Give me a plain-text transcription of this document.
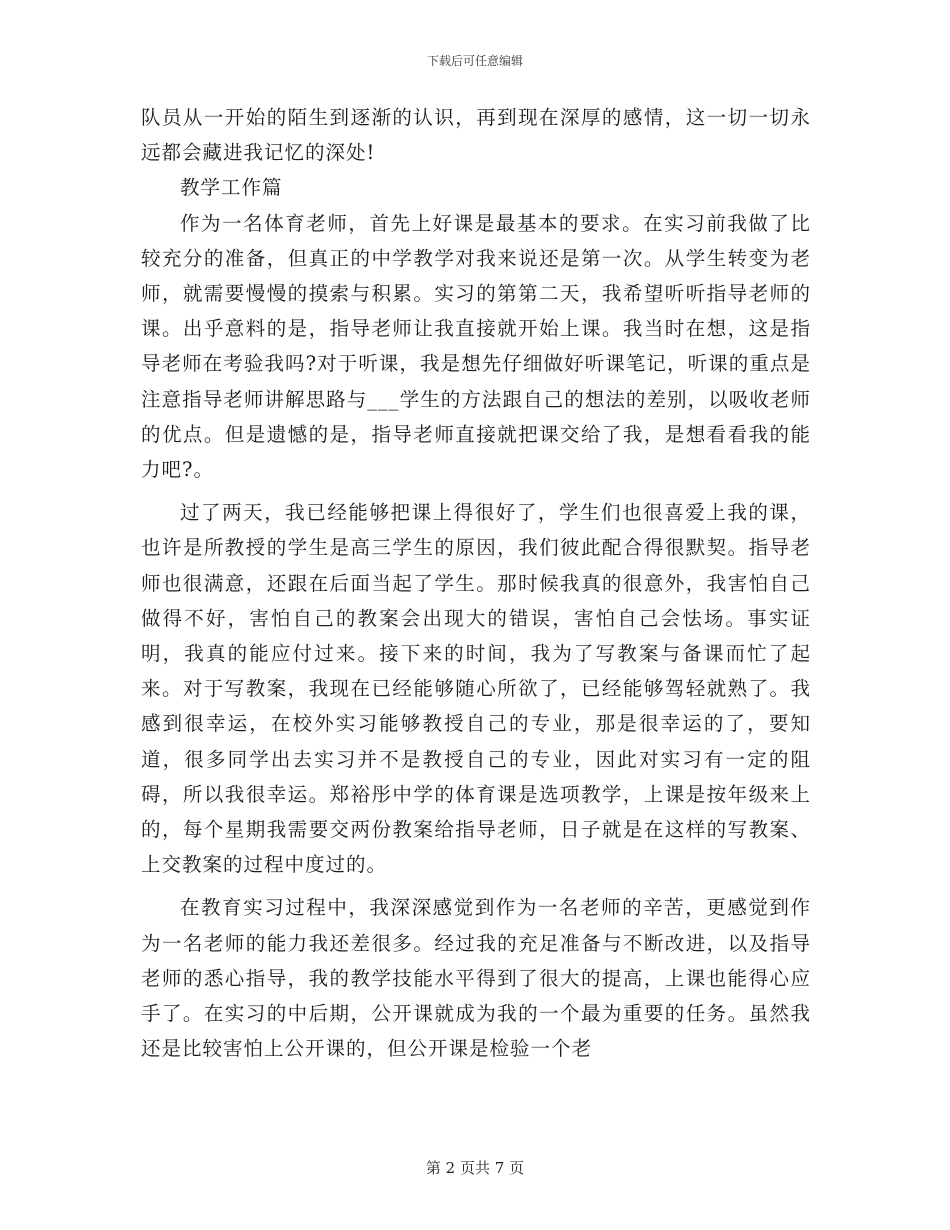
下载后可任意编辑

队员从一开始的陌生到逐渐的认识，再到现在深厚的感情，这一切一切永远都会藏进我记忆的深处!

教学工作篇

作为一名体育老师，首先上好课是最基本的要求。在实习前我做了比较充分的准备，但真正的中学教学对我来说还是第一次。从学生转变为老师，就需要慢慢的摸索与积累。实习的第第二天，我希望听听指导老师的课。出乎意料的是，指导老师让我直接就开始上课。我当时在想，这是指导老师在考验我吗?对于听课，我是想先仔细做好听课笔记，听课的重点是注意指导老师讲解思路与___学生的方法跟自己的想法的差别，以吸收老师的优点。但是遗憾的是，指导老师直接就把课交给了我，是想看看我的能力吧?。

过了两天，我已经能够把课上得很好了，学生们也很喜爱上我的课，也许是所教授的学生是高三学生的原因，我们彼此配合得很默契。指导老师也很满意，还跟在后面当起了学生。那时候我真的很意外，我害怕自己做得不好，害怕自己的教案会出现大的错误，害怕自己会怯场。事实证明，我真的能应付过来。接下来的时间，我为了写教案与备课而忙了起来。对于写教案，我现在已经能够随心所欲了，已经能够驾轻就熟了。我感到很幸运，在校外实习能够教授自己的专业，那是很幸运的了，要知道，很多同学出去实习并不是教授自己的专业，因此对实习有一定的阻碍，所以我很幸运。郑裕彤中学的体育课是选项教学，上课是按年级来上的，每个星期我需要交两份教案给指导老师，日子就是在这样的写教案、上交教案的过程中度过的。

在教育实习过程中，我深深感觉到作为一名老师的辛苦，更感觉到作为一名老师的能力我还差很多。经过我的充足准备与不断改进，以及指导老师的悉心指导，我的教学技能水平得到了很大的提高，上课也能得心应手了。在实习的中后期，公开课就成为我的一个最为重要的任务。虽然我还是比较害怕上公开课的，但公开课是检验一个老

第 2 页共 7 页
